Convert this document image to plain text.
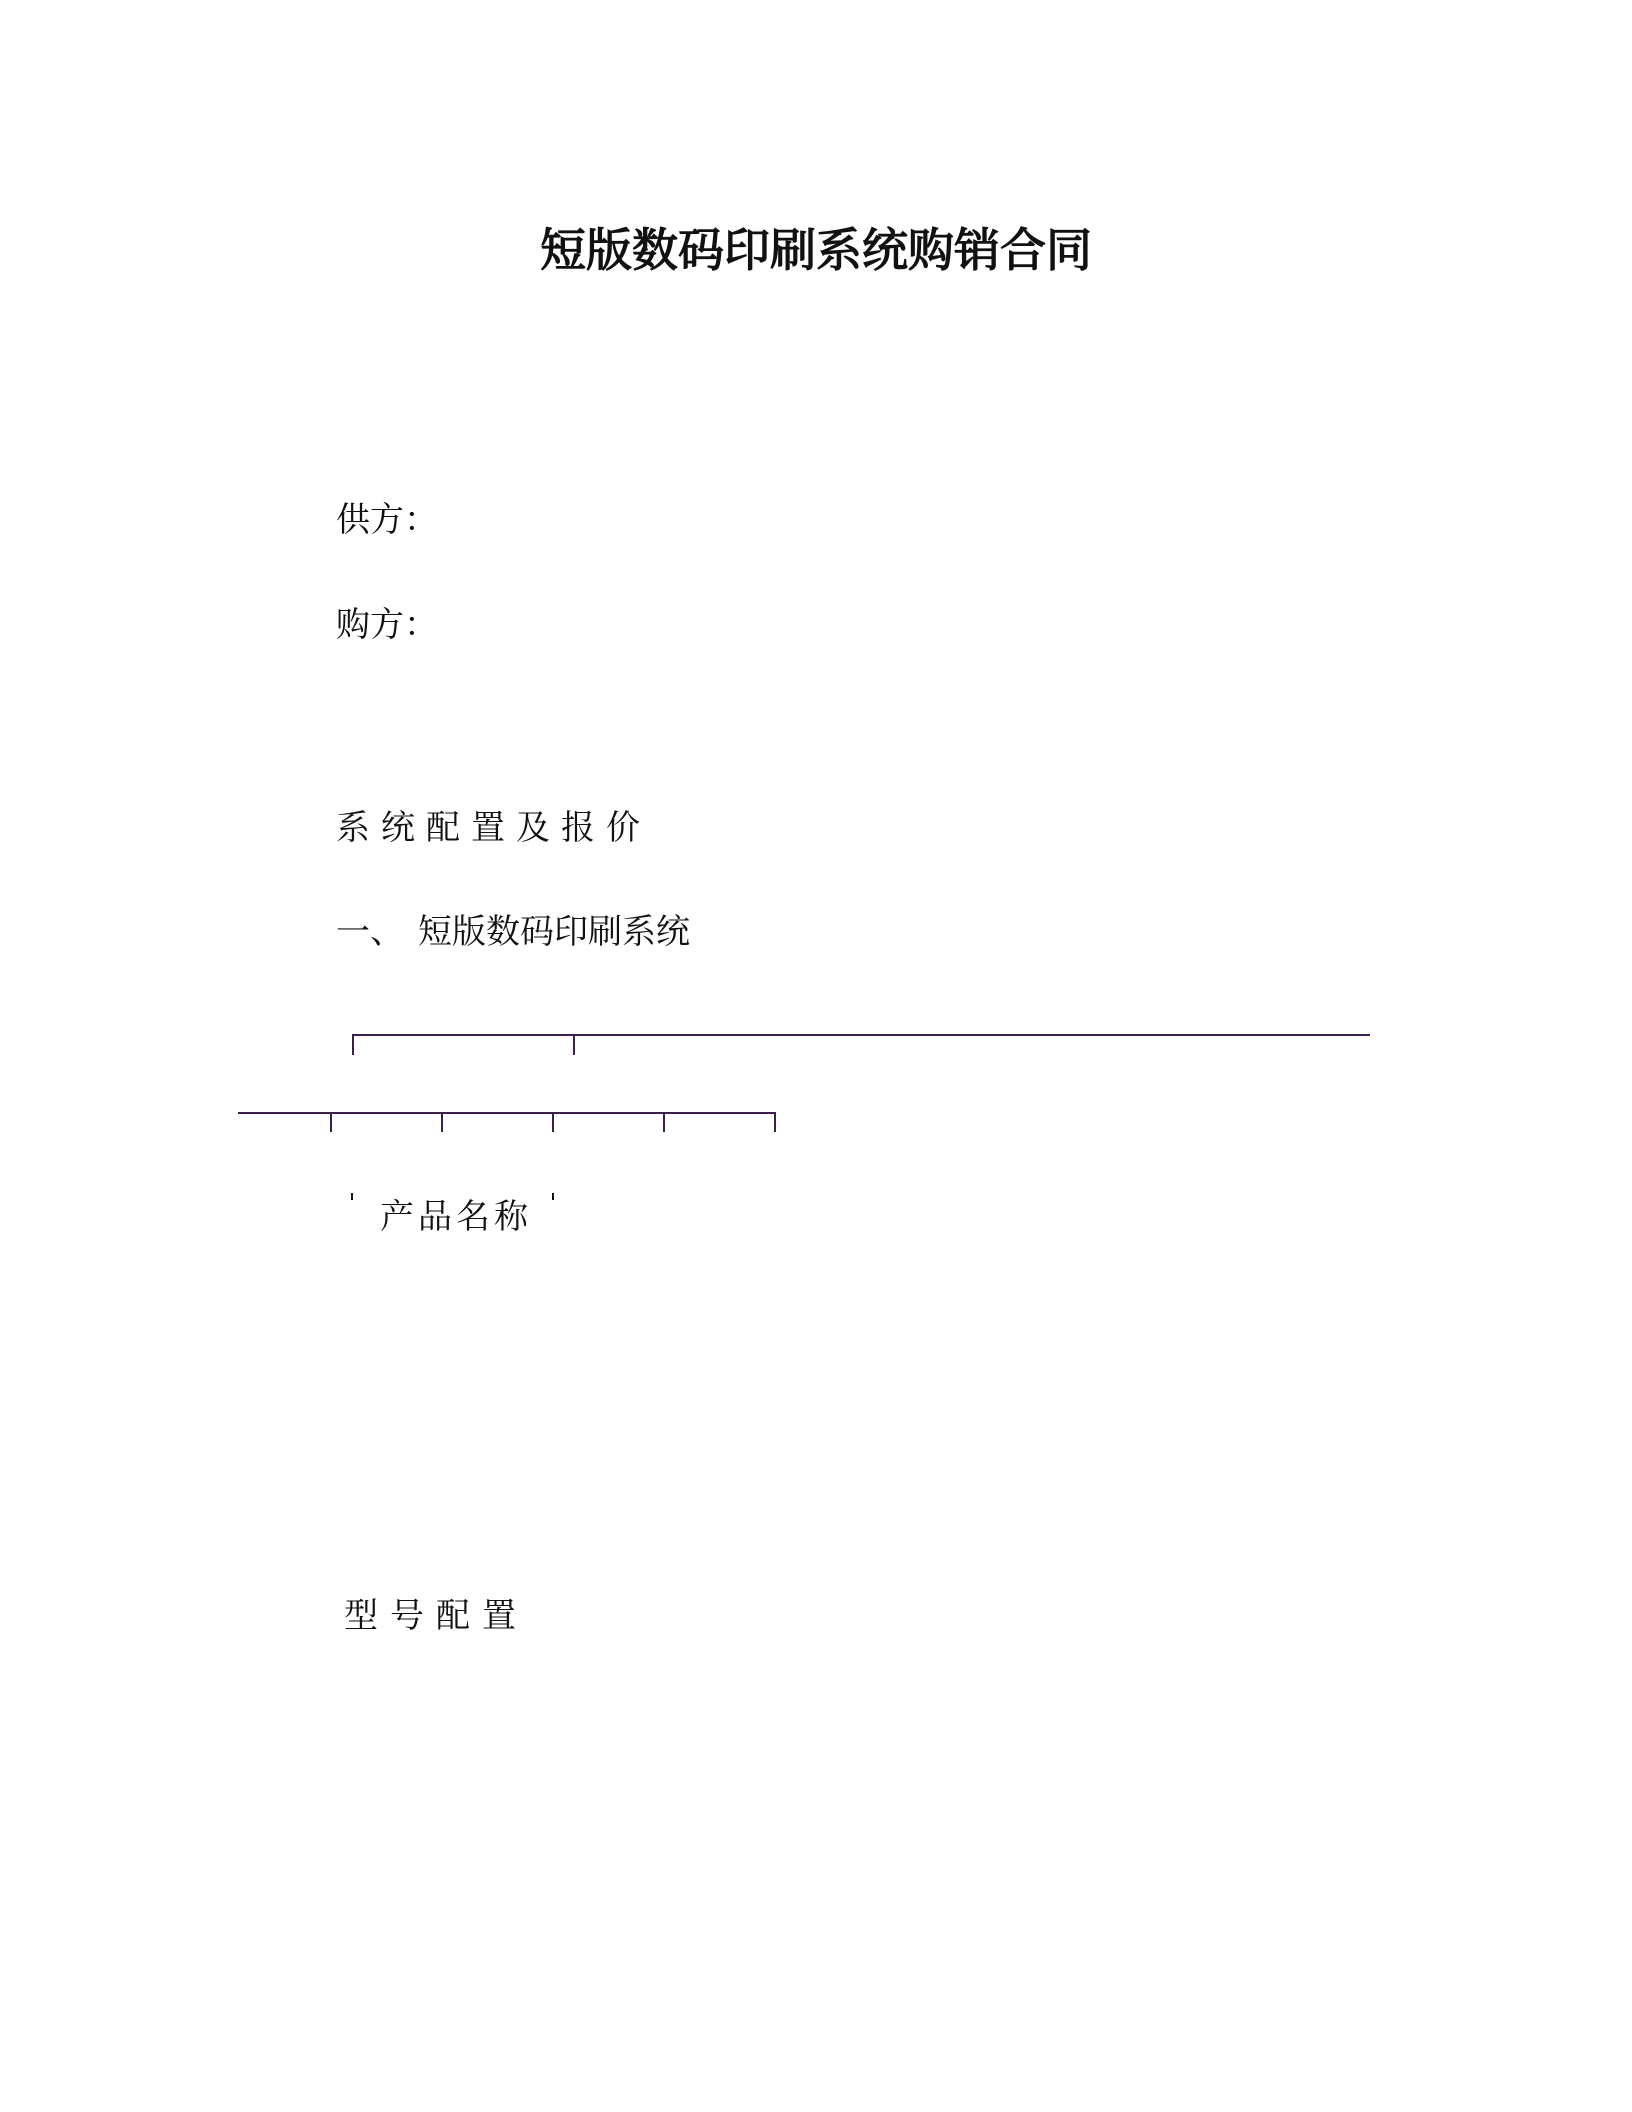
短版数码印刷系统购销合同
供方：
购方：
系统配置及报价
一、 短版数码印刷系统
产品名称
型号配置
